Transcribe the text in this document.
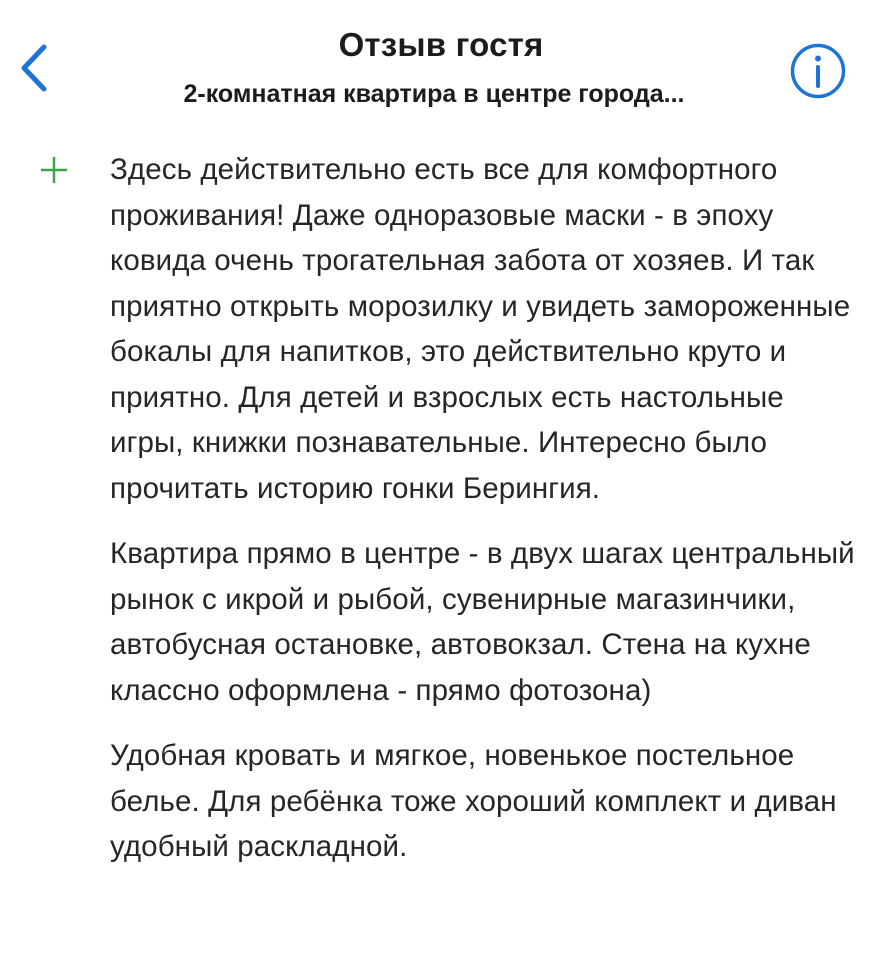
Отзыв гостя
2-комнатная квартира в центре города...

Здесь действительно есть все для комфортного проживания! Даже одноразовые маски - в эпоху ковида очень трогательная забота от хозяев. И так приятно открыть морозилку и увидеть замороженные бокалы для напитков, это действительно круто и приятно. Для детей и взрослых есть настольные игры, книжки познавательные. Интересно было прочитать историю гонки Берингия.

Квартира прямо в центре - в двух шагах центральный рынок с икрой и рыбой, сувенирные магазинчики, автобусная остановке, автовокзал. Стена на кухне классно оформлена - прямо фотозона)

Удобная кровать и мягкое, новенькое постельное белье. Для ребёнка тоже хороший комплект и диван удобный раскладной.
